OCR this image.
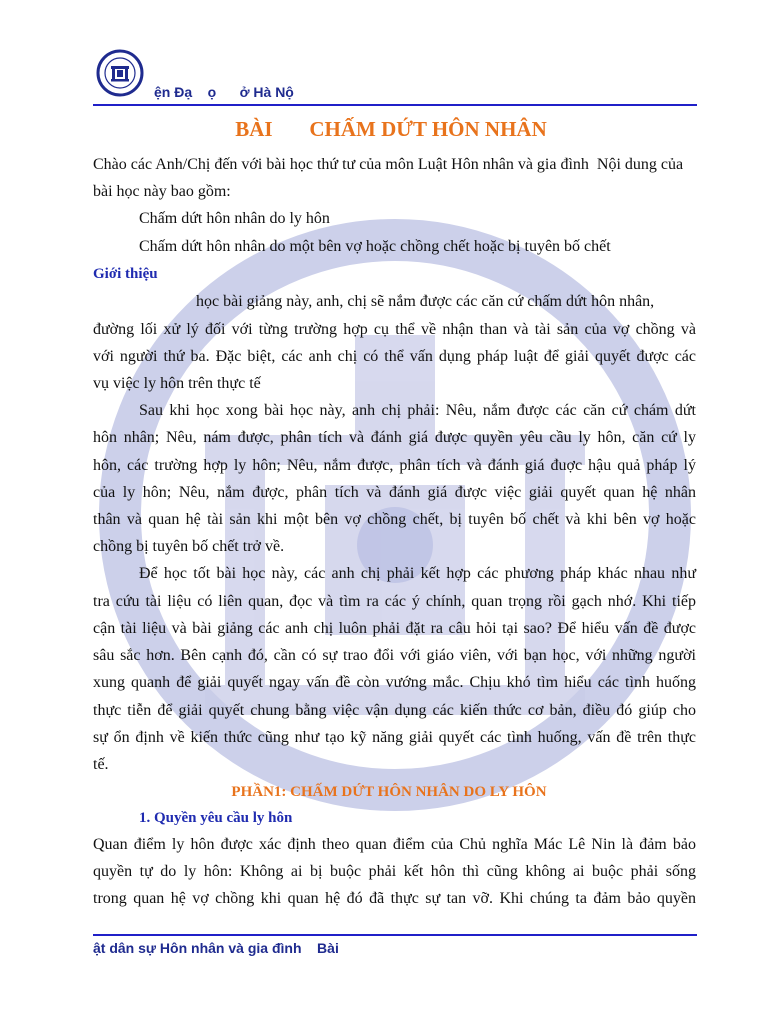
ện Đạ    ọ      ở Hà Nộ
BÀI       CHẤM DỨT HÔN NHÂN
Chào các Anh/Chị đến với bài học thứ tư của môn Luật Hôn nhân và gia đình  Nội dung của
bài học này bao gồm:
Chấm dứt hôn nhân do ly hôn
Chấm dứt hôn nhân do một bên vợ hoặc chồng chết hoặc bị tuyên bố chết
Giới thiệu
học bài giảng này, anh, chị sẽ nắm được các căn cứ chấm dứt hôn nhân,
đường lối xử lý đối với từng trường hợp cụ thể về nhận than và tài sản của vợ chồng và
với người thứ ba. Đặc biệt, các anh chị có thể vấn dụng pháp luật để giải quyết được các
vụ việc ly hôn trên thực tế
Sau khi học xong bài học này, anh chị phải: Nêu, nắm được các căn cứ chám dứt
hôn nhân; Nêu, nám được, phân tích và đánh giá được quyền yêu cầu ly hôn, căn cứ ly
hôn, các trường hợp ly hôn; Nêu, nắm được, phân tích và đánh giá đuợc hậu quả pháp lý
của ly hôn; Nêu, nắm được, phân tích và đánh giá được việc giải quyết quan hệ nhân
thân và quan hệ tài sản khi một bên vợ chồng chết, bị tuyên bố chết và khi bên vợ hoặc
chồng bị tuyên bố chết trở về.
Để học tốt bài học này, các anh chị phải kết hợp các phương pháp khác nhau như
tra cứu tài liệu có liên quan, đọc và tìm ra các ý chính, quan trọng rồi gạch nhớ. Khi tiếp
cận tài liệu và bài giảng các anh chị luôn phải đặt ra câu hỏi tại sao? Để hiểu vấn đề được
sâu sắc hơn. Bên cạnh đó, cần có sự trao đổi với giáo viên, với bạn học, với những người
xung quanh để giải quyết ngay vấn đề còn vướng mắc. Chịu khó tìm hiểu các tình huống
thực tiễn để giải quyết chung bằng việc vận dụng các kiến thức cơ bản, điều đó giúp cho
sự ổn định về kiến thức cũng như tạo kỹ năng giải quyết các tình huống, vấn đề trên thực
tế.
PHẦN1: CHẤM DỨT HÔN NHÂN DO LY HÔN
1. Quyền yêu cầu ly hôn
Quan điểm ly hôn được xác định theo quan điểm của Chủ nghĩa Mác Lê Nin là đảm bảo
quyền tự do ly hôn: Không ai bị buộc phải kết hôn thì cũng không ai buộc phải sống
trong quan hệ vợ chồng khi quan hệ đó đã thực sự tan vỡ. Khi chúng ta đảm bảo quyền
ật dân sự Hôn nhân và gia đình    Bài
